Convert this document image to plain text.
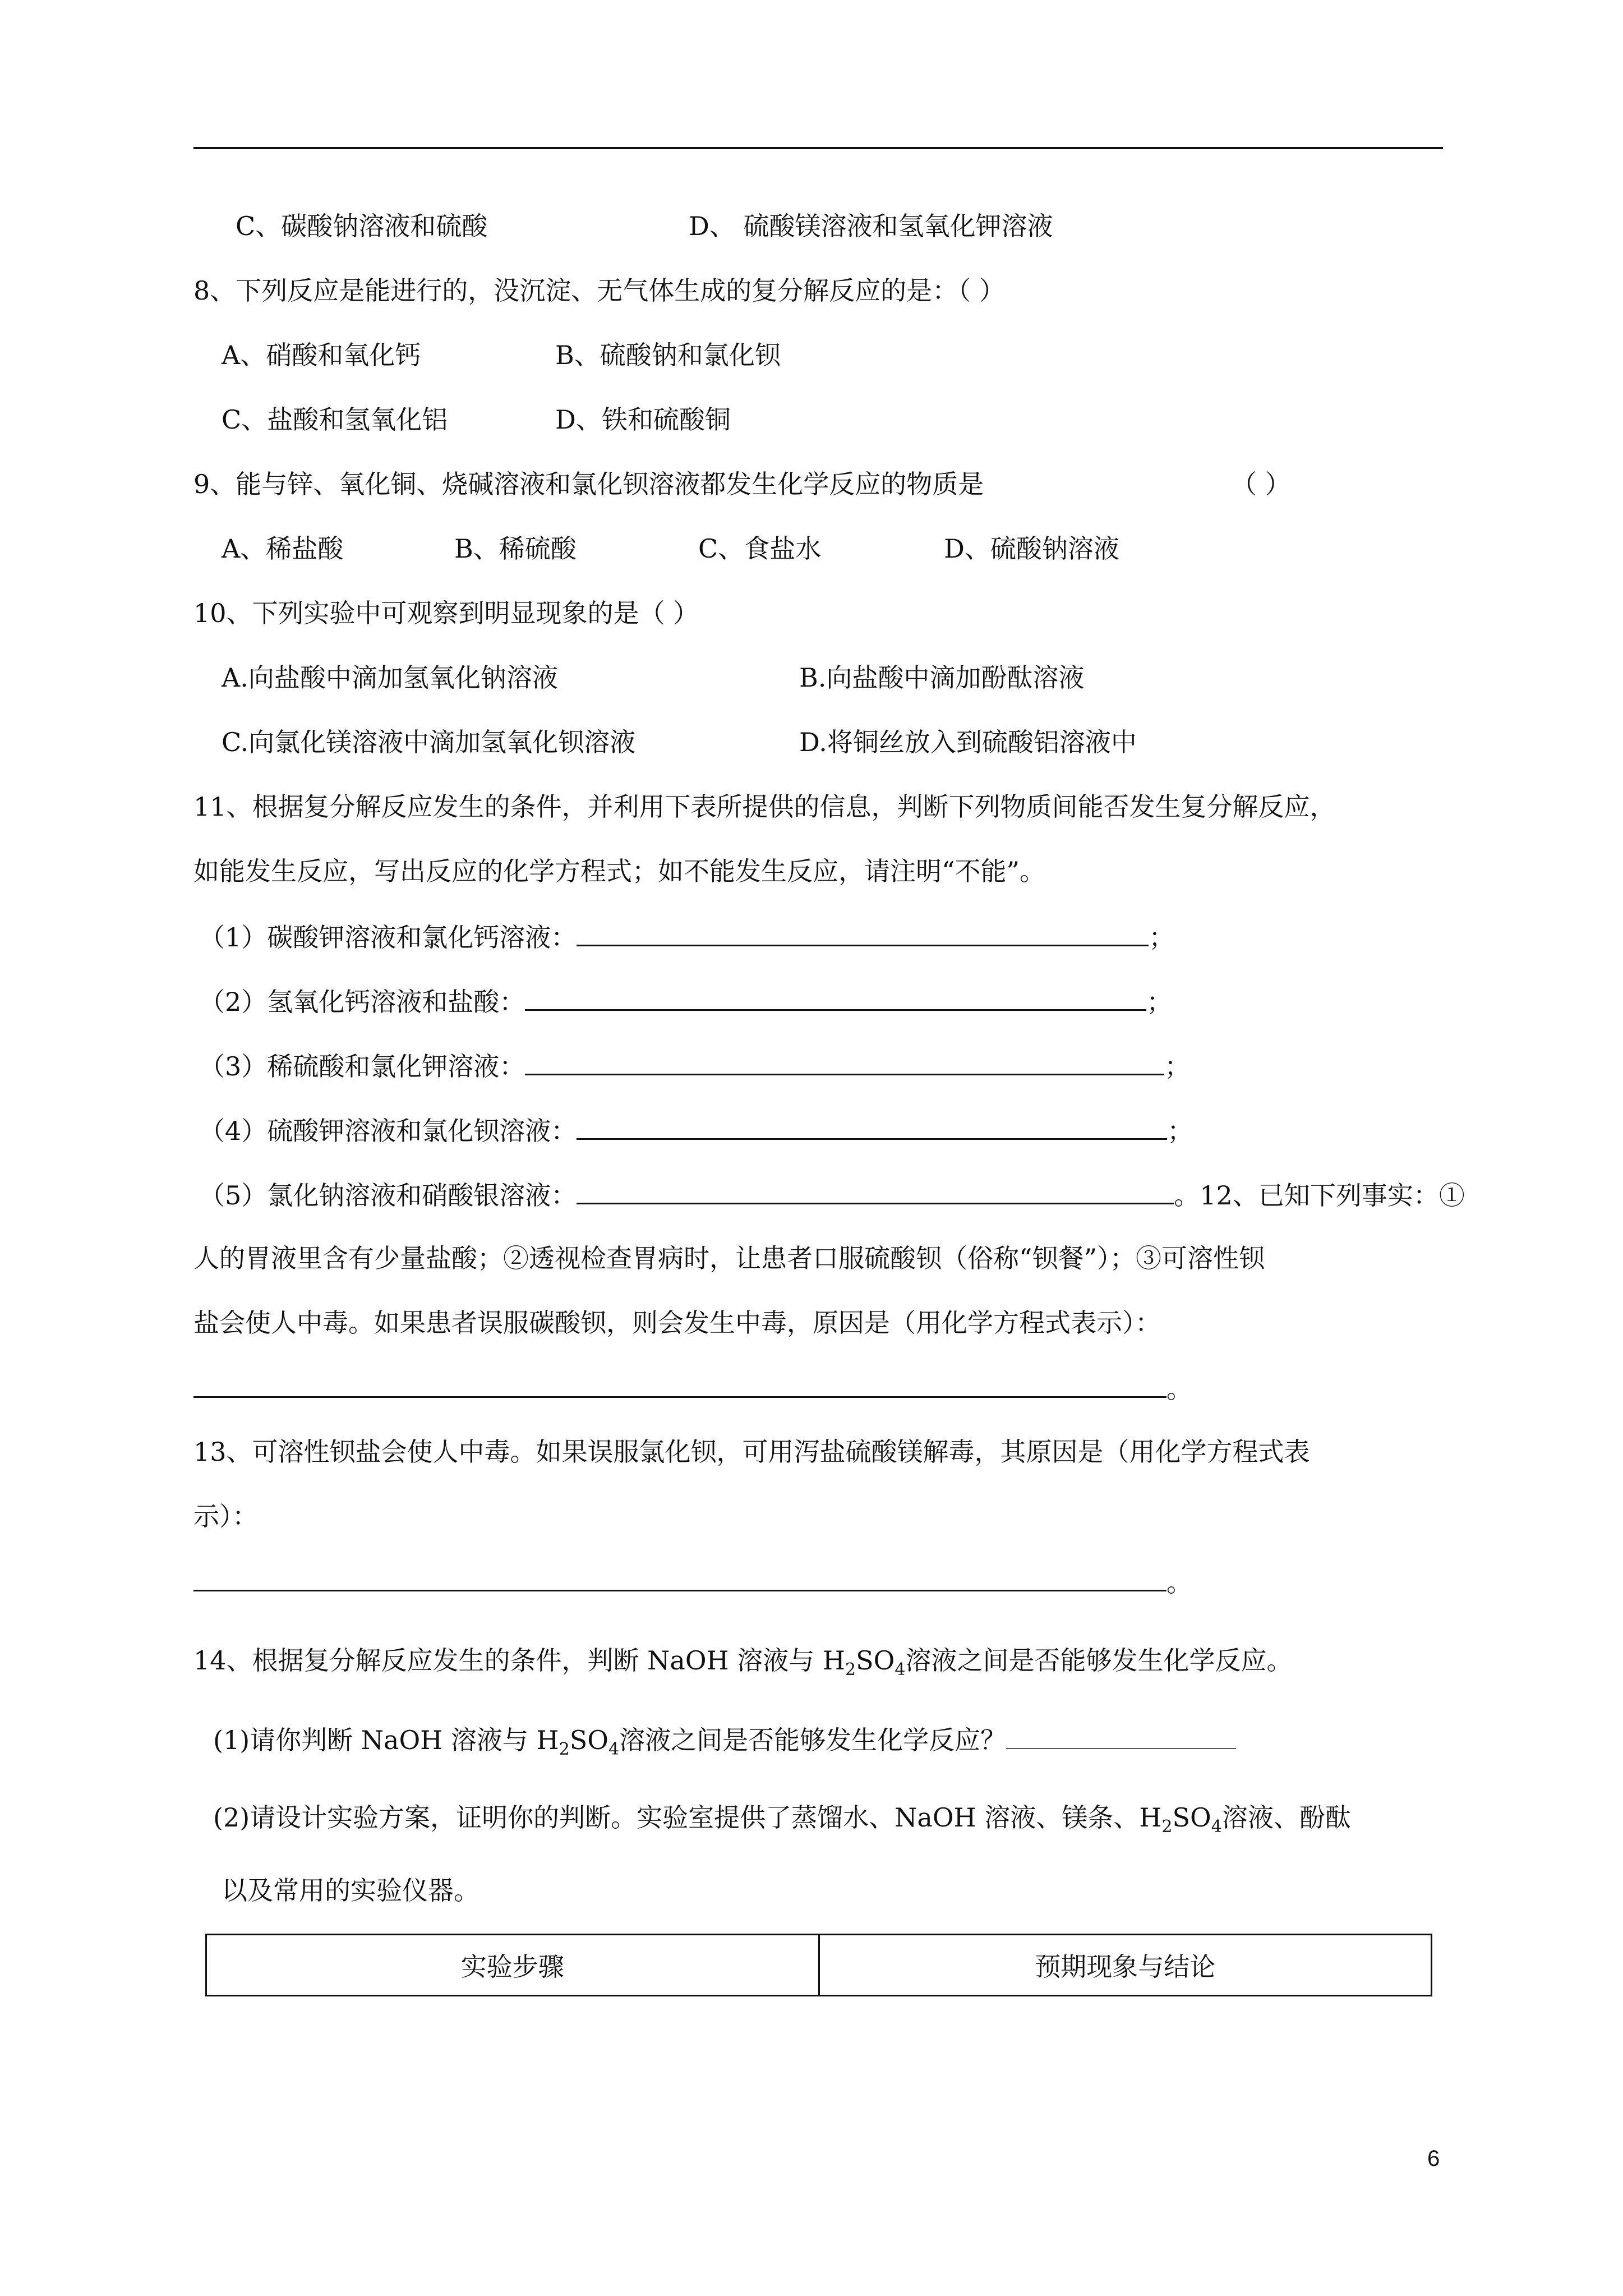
C、碳酸钠溶液和硫酸	D、 硫酸镁溶液和氢氧化钾溶液
8、下列反应是能进行的，没沉淀、无气体生成的复分解反应的是：（ ）
A、硝酸和氧化钙	B、硫酸钠和氯化钡
C、盐酸和氢氧化铝	D、铁和硫酸铜
9、能与锌、氧化铜、烧碱溶液和氯化钡溶液都发生化学反应的物质是	（ ）
A、稀盐酸	B、稀硫酸	C、食盐水	D、硫酸钠溶液
10、下列实验中可观察到明显现象的是（ ）
A.向盐酸中滴加氢氧化钠溶液	B.向盐酸中滴加酚酞溶液
C.向氯化镁溶液中滴加氢氧化钡溶液	D.将铜丝放入到硫酸铝溶液中
11、根据复分解反应发生的条件，并利用下表所提供的信息，判断下列物质间能否发生复分解反应，
如能发生反应，写出反应的化学方程式；如不能发生反应，请注明“不能”。
（1）碳酸钾溶液和氯化钙溶液：	；
（2）氢氧化钙溶液和盐酸：	；
（3）稀硫酸和氯化钾溶液：	；
（4）硫酸钾溶液和氯化钡溶液：	；
（5）氯化钠溶液和硝酸银溶液：	。12、已知下列事实：①
人的胃液里含有少量盐酸；②透视检查胃病时，让患者口服硫酸钡（俗称“钡餐”）；③可溶性钡
盐会使人中毒。如果患者误服碳酸钡，则会发生中毒，原因是（用化学方程式表示）：
。
13、可溶性钡盐会使人中毒。如果误服氯化钡，可用泻盐硫酸镁解毒，其原因是（用化学方程式表
示）：
。
14、根据复分解反应发生的条件，判断 NaOH 溶液与 $H_2SO_4$溶液之间是否能够发生化学反应。
(1)请你判断 NaOH 溶液与 $H_2SO_4$溶液之间是否能够发生化学反应？
(2)请设计实验方案，证明你的判断。实验室提供了蒸馏水、NaOH 溶液、镁条、$H_2SO_4$溶液、酚酞
以及常用的实验仪器。
实验步骤	预期现象与结论
6
